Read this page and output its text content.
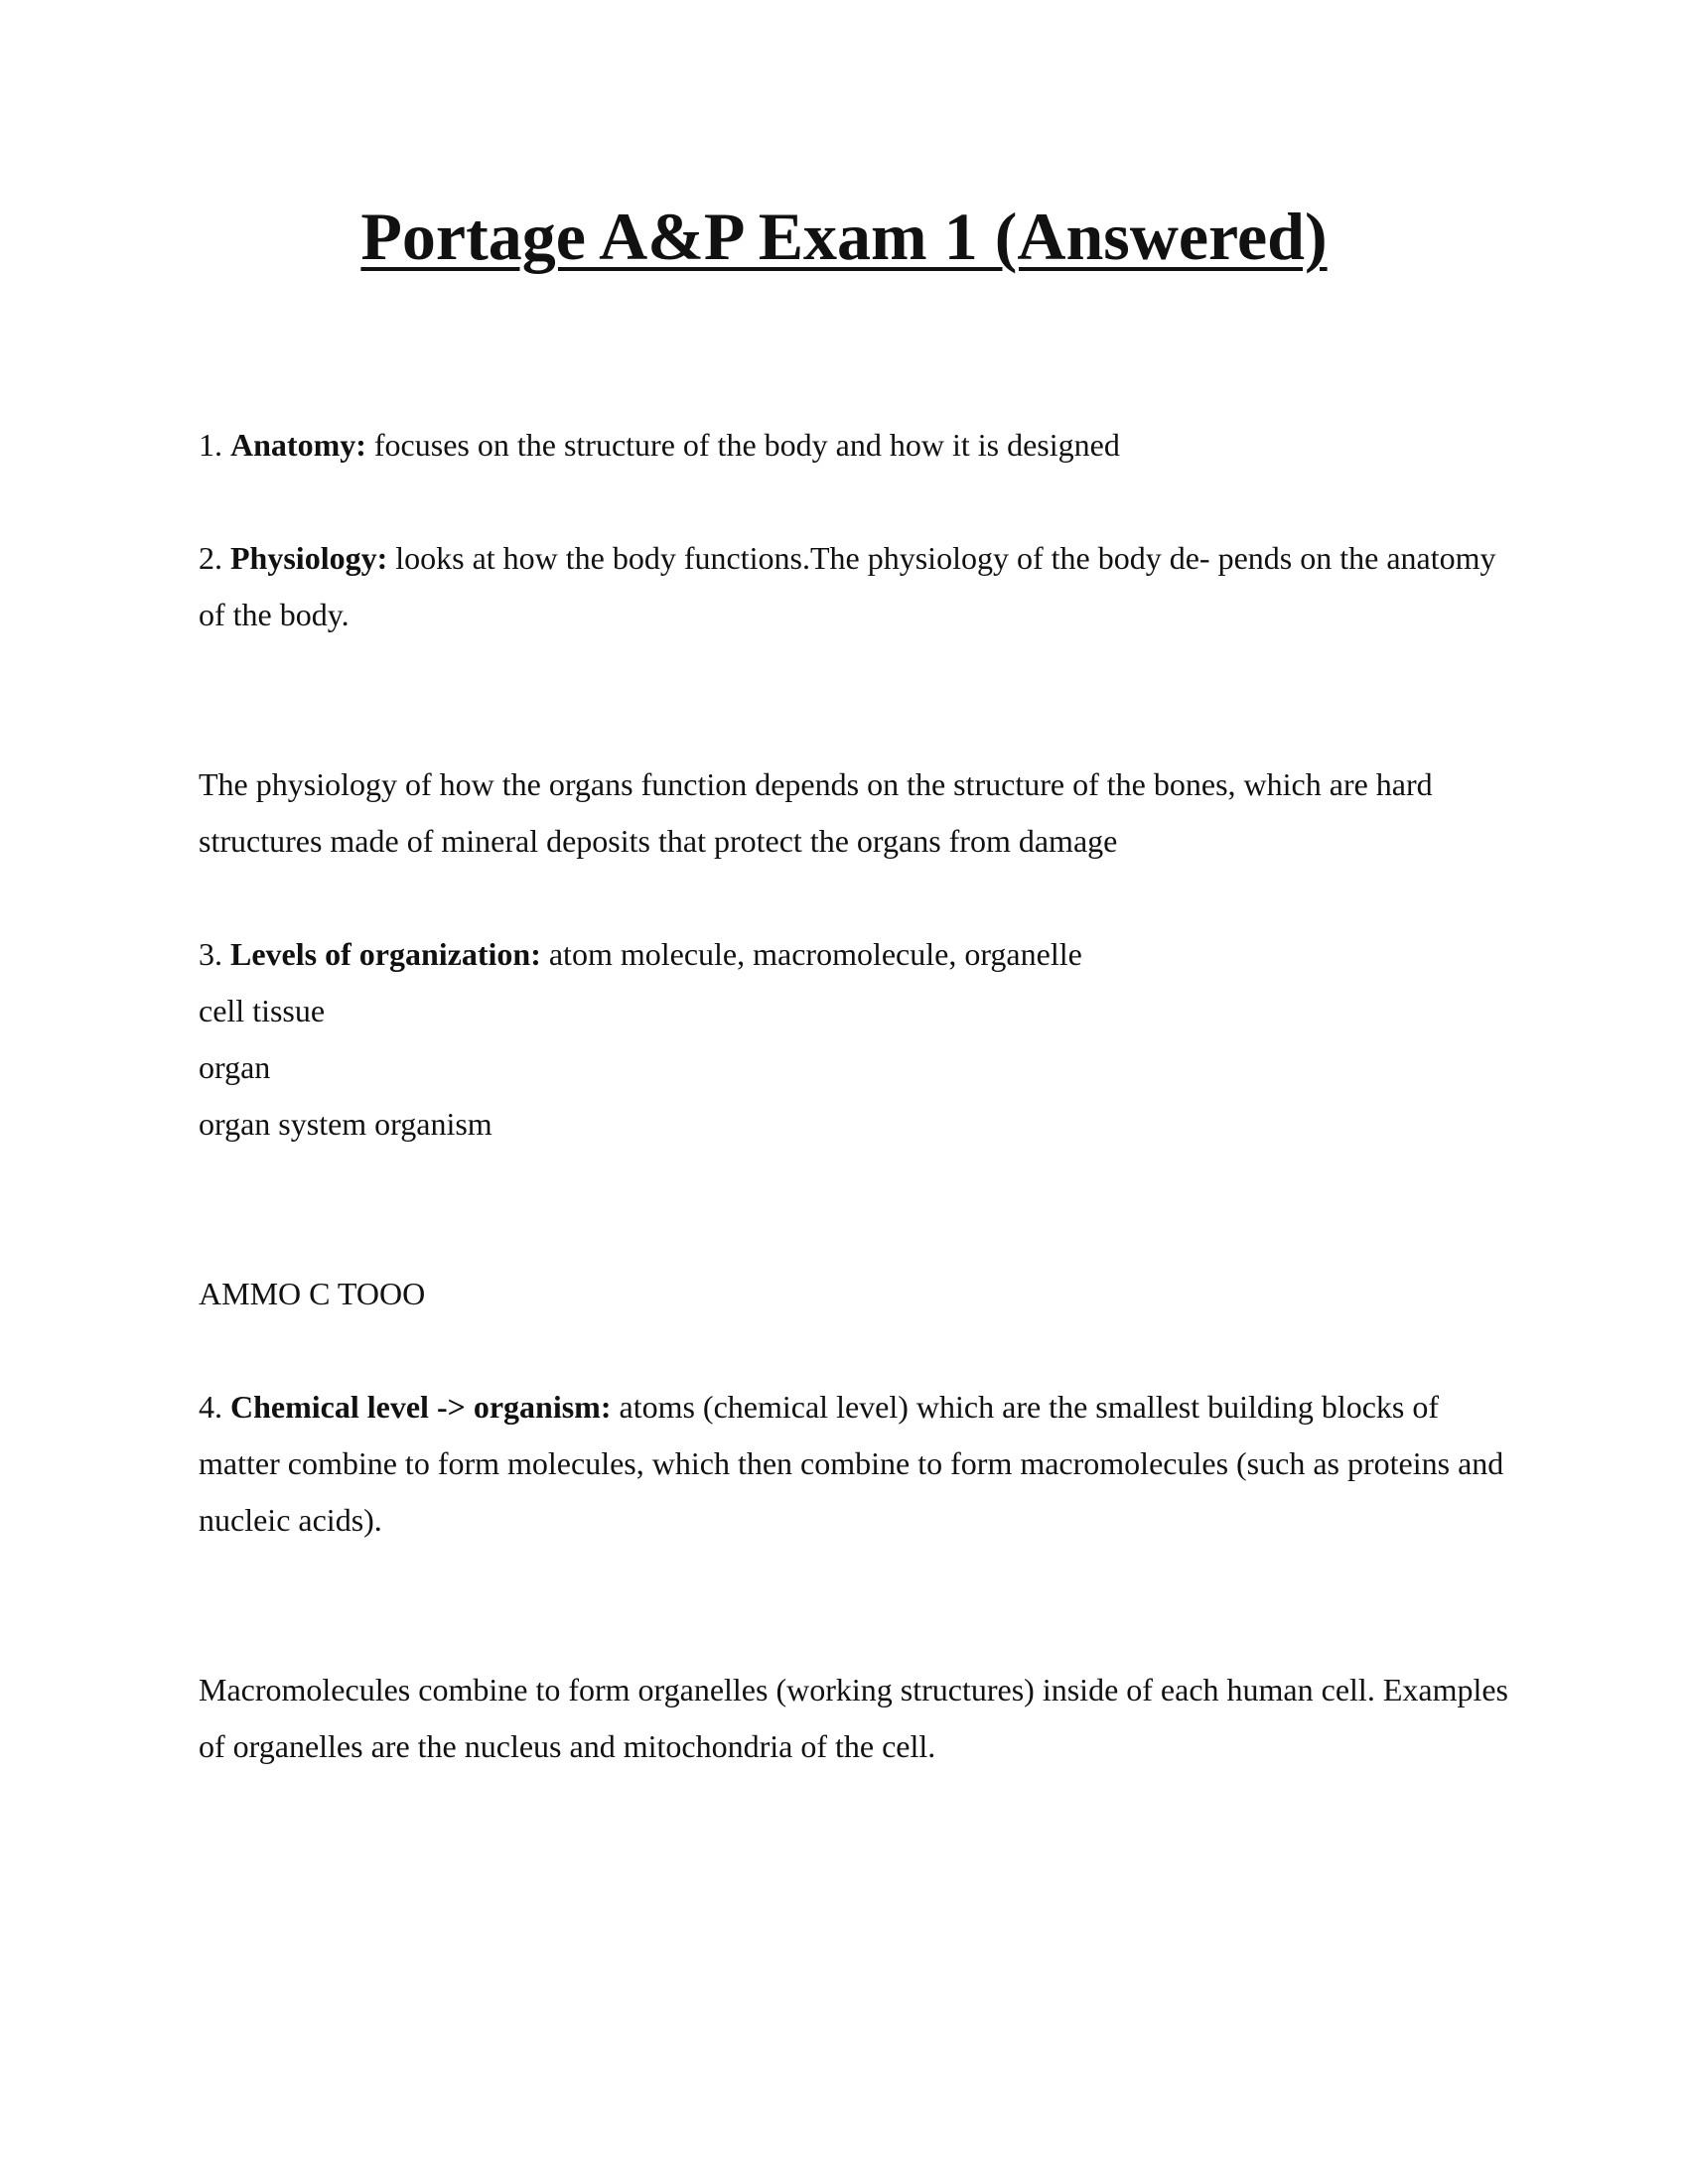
Portage A&P Exam 1 (Answered)

1. Anatomy: focuses on the structure of the body and how it is designed

2. Physiology: looks at how the body functions.The physiology of the body de- pends on the anatomy of the body.

The physiology of how the organs function depends on the structure of the bones, which are hard structures made of mineral deposits that protect the organs from damage

3. Levels of organization: atom molecule, macromolecule, organelle

cell tissue

organ

organ system organism

AMMO C TOOO

4. Chemical level -> organism: atoms (chemical level) which are the smallest building blocks of matter combine to form molecules, which then combine to form macromolecules (such as proteins and nucleic acids).

Macromolecules combine to form organelles (working structures) inside of each human cell. Examples of organelles are the nucleus and mitochondria of the cell.
